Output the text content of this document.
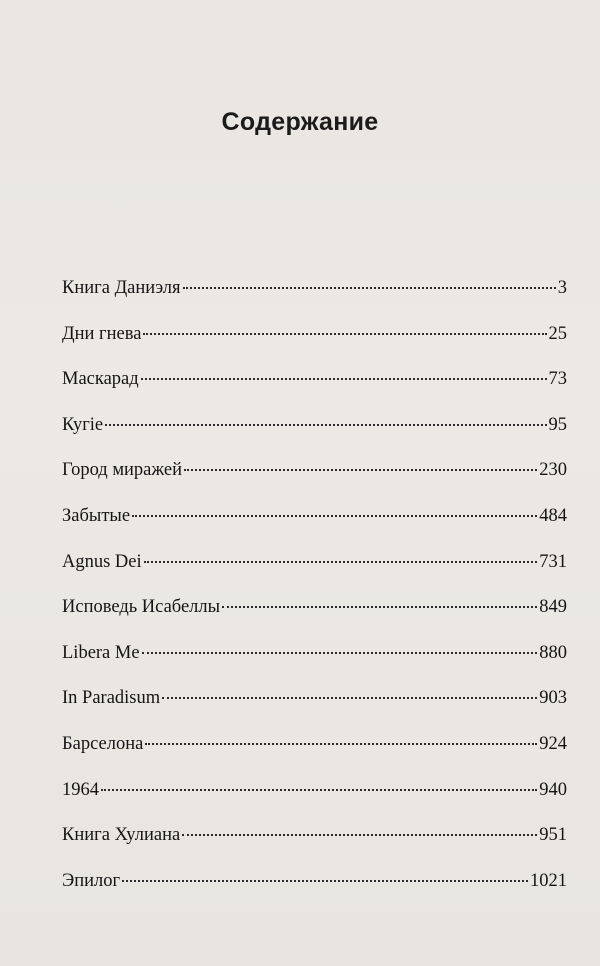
Содержание
Книга Даниэля	3
Дни гнева	25
Маскарад	73
Кугіе	95
Город миражей	230
Забытые	484
Agnus Dei	731
Исповедь Исабеллы	849
Libera Me	880
In Paradisum	903
Барселона	924
1964	940
Книга Хулиана	951
Эпилог	1021
